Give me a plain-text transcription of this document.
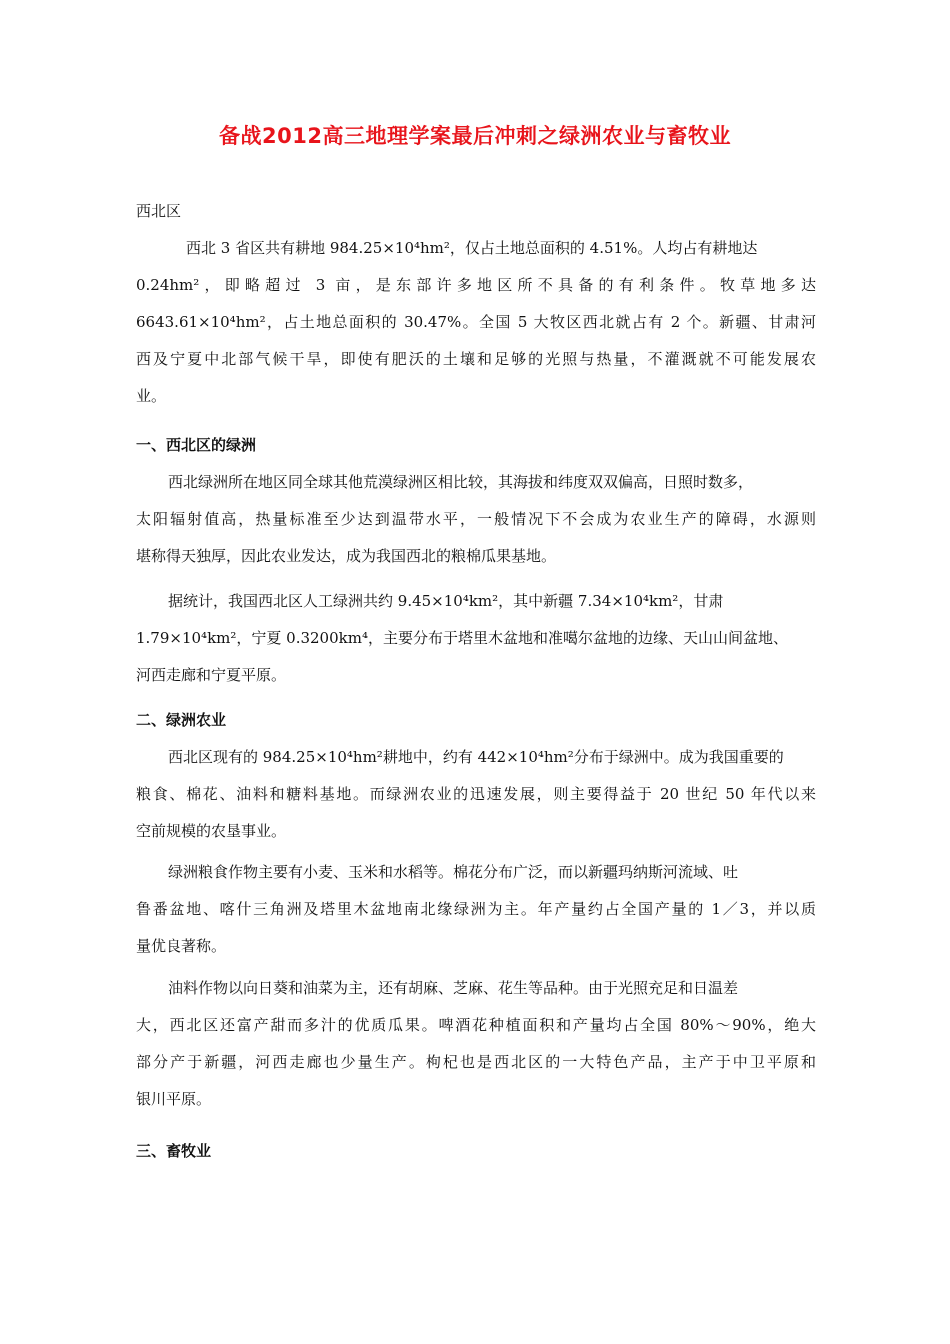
备战2012高三地理学案最后冲刺之绿洲农业与畜牧业
西北区
西北 3 省区共有耕地 984.25×10⁴hm²，仅占土地总面积的 4.51%。人均占有耕地达
0.24hm²，即略超过 3 亩，是东部许多地区所不具备的有利条件。牧草地多达
6643.61×10⁴hm²，占土地总面积的 30.47%。全国 5 大牧区西北就占有 2 个。新疆、甘肃河
西及宁夏中北部气候干旱，即使有肥沃的土壤和足够的光照与热量，不灌溉就不可能发展农
业。
一、西北区的绿洲
西北绿洲所在地区同全球其他荒漠绿洲区相比较，其海拔和纬度双双偏高，日照时数多，
太阳辐射值高，热量标准至少达到温带水平，一般情况下不会成为农业生产的障碍，水源则
堪称得天独厚，因此农业发达，成为我国西北的粮棉瓜果基地。
据统计，我国西北区人工绿洲共约 9.45×10⁴km²，其中新疆 7.34×10⁴km²，甘肃
1.79×10⁴km²，宁夏 0.3200km⁴，主要分布于塔里木盆地和准噶尔盆地的边缘、天山山间盆地、
河西走廊和宁夏平原。
二、绿洲农业
西北区现有的 984.25×10⁴hm²耕地中，约有 442×10⁴hm²分布于绿洲中。成为我国重要的
粮食、棉花、油料和糖料基地。而绿洲农业的迅速发展，则主要得益于 20 世纪 50 年代以来
空前规模的农垦事业。
绿洲粮食作物主要有小麦、玉米和水稻等。棉花分布广泛，而以新疆玛纳斯河流域、吐
鲁番盆地、喀什三角洲及塔里木盆地南北缘绿洲为主。年产量约占全国产量的 1／3，并以质
量优良著称。
油料作物以向日葵和油菜为主，还有胡麻、芝麻、花生等品种。由于光照充足和日温差
大，西北区还富产甜而多汁的优质瓜果。啤酒花种植面积和产量均占全国 80%～90%，绝大
部分产于新疆，河西走廊也少量生产。枸杞也是西北区的一大特色产品，主产于中卫平原和
银川平原。
三、畜牧业
